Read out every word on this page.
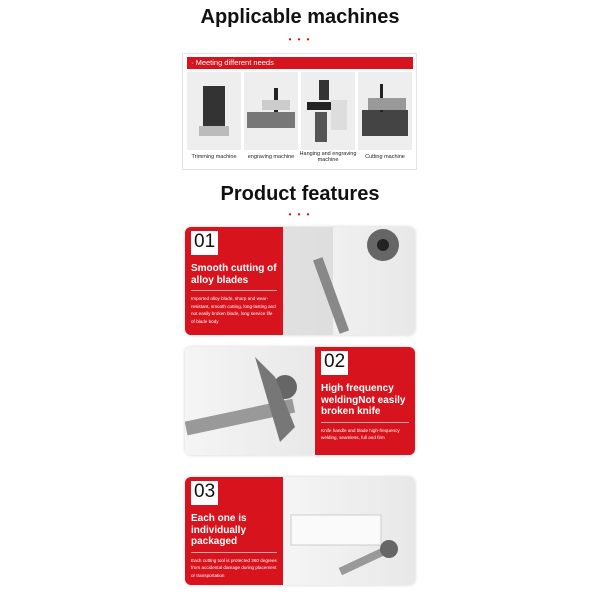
Applicable machines
• • •
· Meeting different needs
Trimming machine	engraving machine Hanging and engraving machine	Cutting machine
Product features
• • •
01
Smooth cutting of alloy blades
Imported alloy blade, sharp and wear-resistant, smooth cutting, long-lasting and not easily broken blade, long service life of blade body
02
High frequency weldingNot easily broken knife
Knife handle and blade high-frequency welding, seamless, full and firm
03
Each one is individually packaged
Each cutting tool is protected 360 degrees from accidental damage during placement or transportation
